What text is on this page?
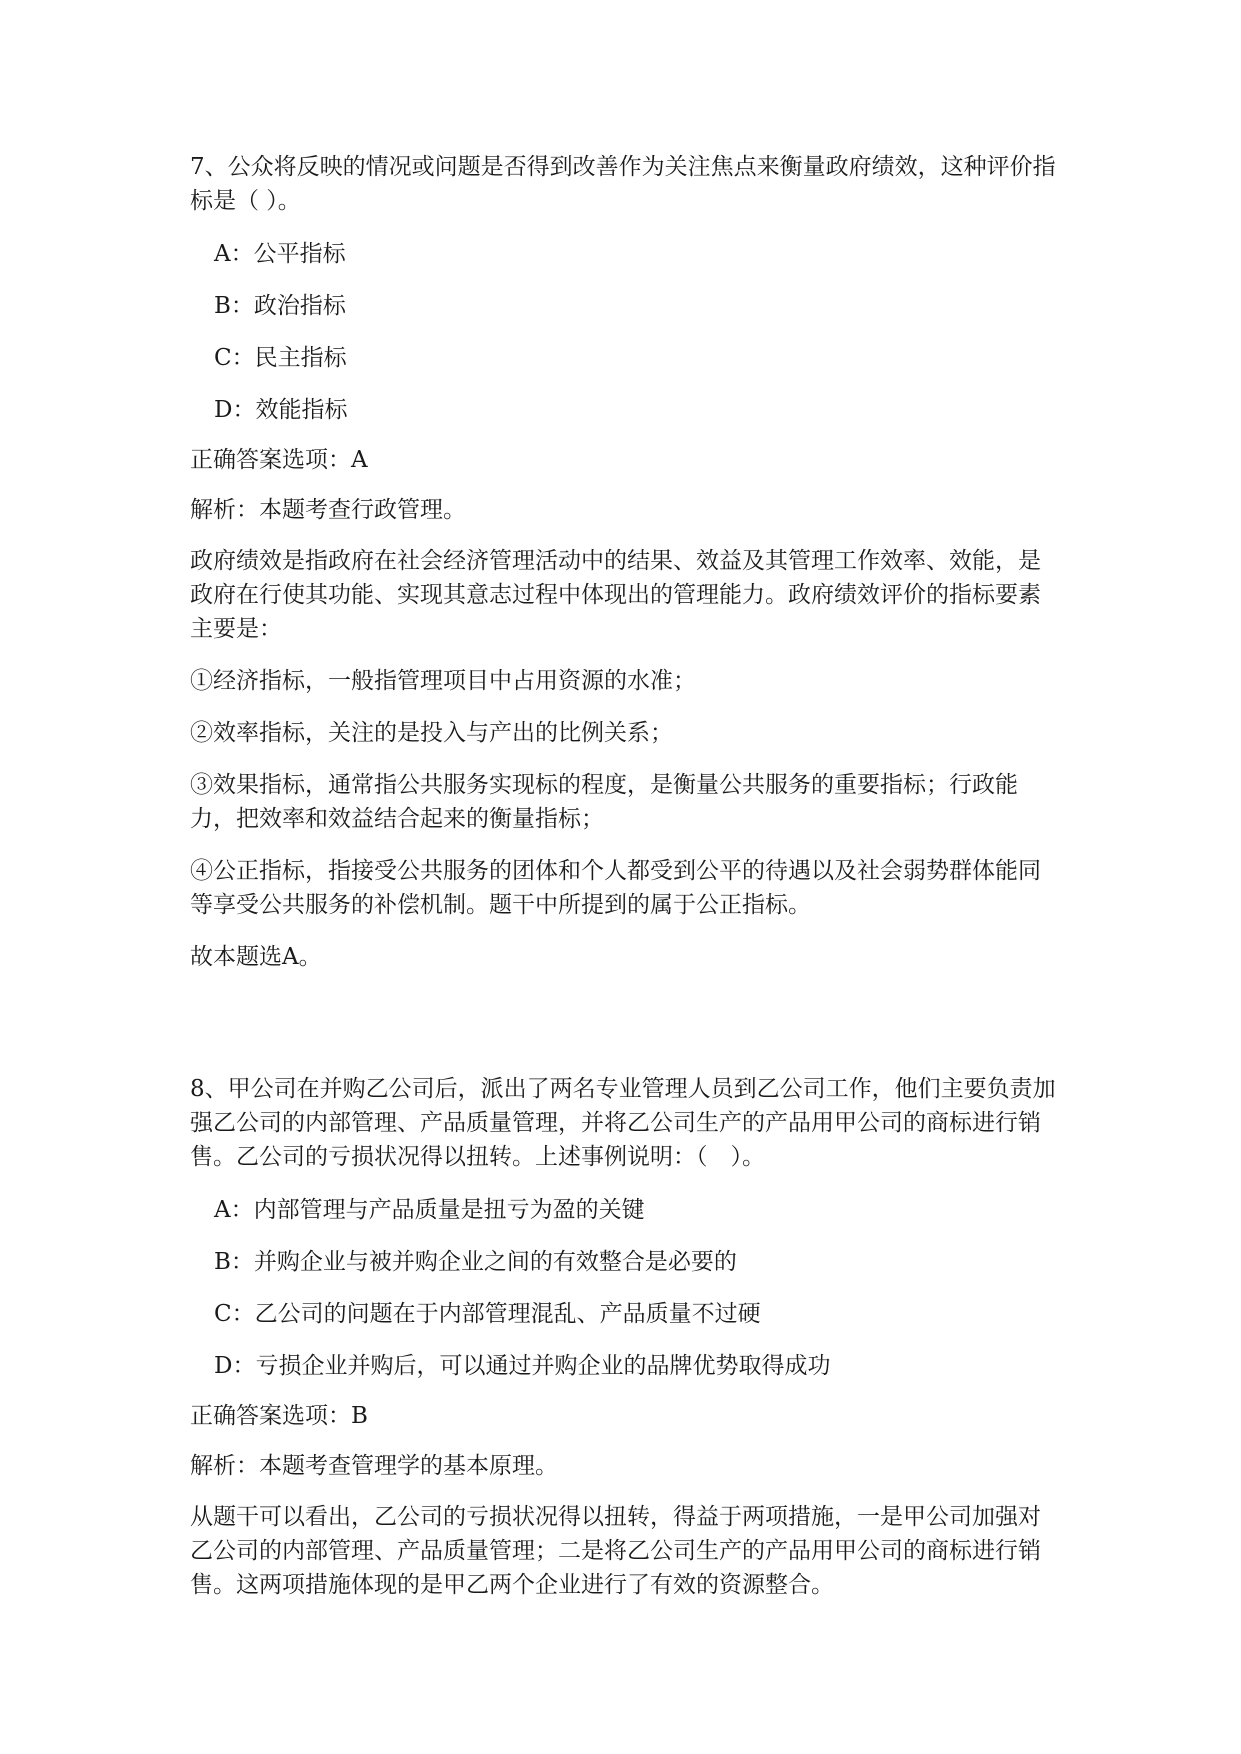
7、公众将反映的情况或问题是否得到改善作为关注焦点来衡量政府绩效，这种评价指标是（ ）。
A：公平指标
B：政治指标
C：民主指标
D：效能指标
正确答案选项：A
解析：本题考查行政管理。
政府绩效是指政府在社会经济管理活动中的结果、效益及其管理工作效率、效能，是政府在行使其功能、实现其意志过程中体现出的管理能力。政府绩效评价的指标要素主要是：
①经济指标，一般指管理项目中占用资源的水准；
②效率指标，关注的是投入与产出的比例关系；
③效果指标，通常指公共服务实现标的程度，是衡量公共服务的重要指标；行政能力，把效率和效益结合起来的衡量指标；
④公正指标，指接受公共服务的团体和个人都受到公平的待遇以及社会弱势群体能同等享受公共服务的补偿机制。题干中所提到的属于公正指标。
故本题选A。
8、甲公司在并购乙公司后，派出了两名专业管理人员到乙公司工作，他们主要负责加强乙公司的内部管理、产品质量管理，并将乙公司生产的产品用甲公司的商标进行销售。乙公司的亏损状况得以扭转。上述事例说明：（　）。
A：内部管理与产品质量是扭亏为盈的关键
B：并购企业与被并购企业之间的有效整合是必要的
C：乙公司的问题在于内部管理混乱、产品质量不过硬
D：亏损企业并购后，可以通过并购企业的品牌优势取得成功
正确答案选项：B
解析：本题考查管理学的基本原理。
从题干可以看出，乙公司的亏损状况得以扭转，得益于两项措施，一是甲公司加强对乙公司的内部管理、产品质量管理；二是将乙公司生产的产品用甲公司的商标进行销售。这两项措施体现的是甲乙两个企业进行了有效的资源整合。
